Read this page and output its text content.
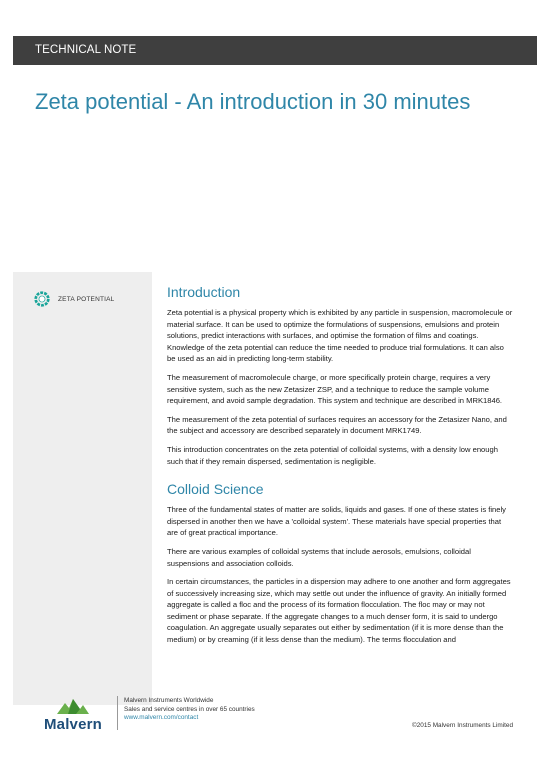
TECHNICAL NOTE
Zeta potential - An introduction in 30 minutes
ZETA POTENTIAL	Introduction

Zeta potential is a physical property which is exhibited by any particle in suspension, macromolecule or material surface. It can be used to optimize the formulations of suspensions, emulsions and protein solutions, predict interactions with surfaces, and optimise the formation of films and coatings. Knowledge of the zeta potential can reduce the time needed to produce trial formulations. It can also be used as an aid in predicting long-term stability.

The measurement of macromolecule charge, or more specifically protein charge, requires a very sensitive system, such as the new Zetasizer ZSP, and a technique to reduce the sample volume requirement, and avoid sample degradation. This system and technique are described in MRK1846.

The measurement of the zeta potential of surfaces requires an accessory for the Zetasizer Nano, and the subject and accessory are described separately in document MRK1749.

This introduction concentrates on the zeta potential of colloidal systems, with a density low enough such that if they remain dispersed, sedimentation is negligible.

Colloid Science

Three of the fundamental states of matter are solids, liquids and gases. If one of these states is finely dispersed in another then we have a 'colloidal system'. These materials have special properties that are of great practical importance.

There are various examples of colloidal systems that include aerosols, emulsions, colloidal suspensions and association colloids.

In certain circumstances, the particles in a dispersion may adhere to one another and form aggregates of successively increasing size, which may settle out under the influence of gravity. An initially formed aggregate is called a floc and the process of its formation flocculation. The floc may or may not sediment or phase separate. If the aggregate changes to a much denser form, it is said to undergo coagulation. An aggregate usually separates out either by sedimentation (if it is more dense than the medium) or by creaming (if it less dense than the medium). The terms flocculation and

Malvern
Malvern Instruments Worldwide
Sales and service centres in over 65 countries
www.malvern.com/contact
©2015 Malvern Instruments Limited
